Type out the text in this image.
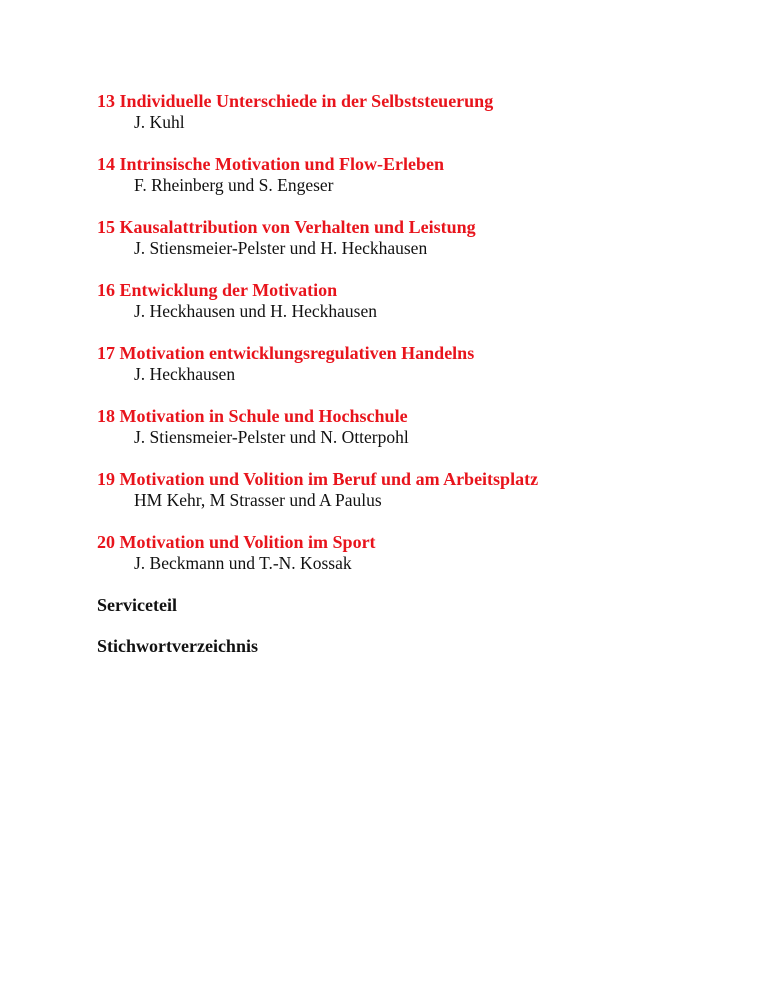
13 Individuelle Unterschiede in der Selbststeuerung
J. Kuhl
14 Intrinsische Motivation und Flow-Erleben
F. Rheinberg und S. Engeser
15 Kausalattribution von Verhalten und Leistung
J. Stiensmeier-Pelster und H. Heckhausen
16 Entwicklung der Motivation
J. Heckhausen und H. Heckhausen
17 Motivation entwicklungsregulativen Handelns
J. Heckhausen
18 Motivation in Schule und Hochschule
J. Stiensmeier-Pelster und N. Otterpohl
19 Motivation und Volition im Beruf und am Arbeitsplatz
HM Kehr, M Strasser und A Paulus
20 Motivation und Volition im Sport
J. Beckmann und T.-N. Kossak
Serviceteil
Stichwortverzeichnis
